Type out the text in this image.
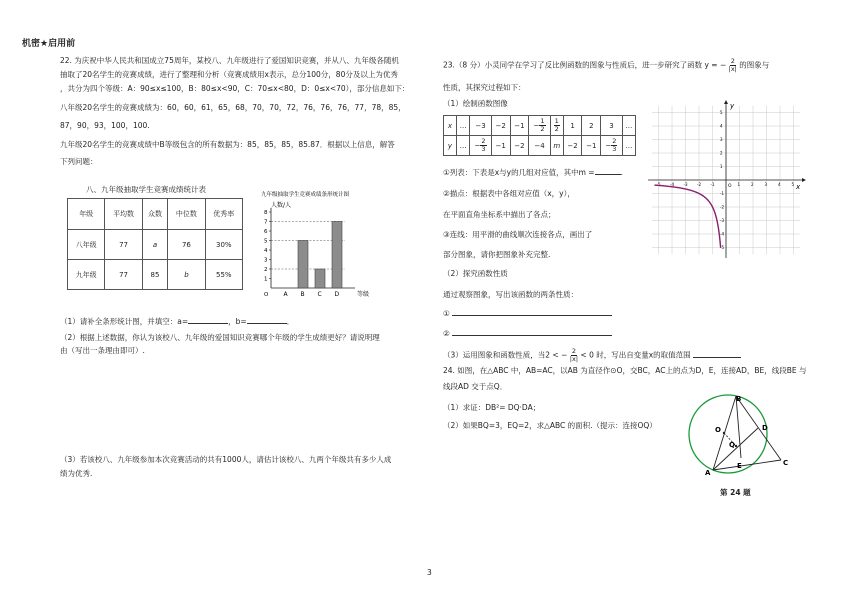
机密★启用前
22. 为庆祝中华人民共和国成立75周年，某校八、九年级进行了爱国知识竞赛，并从八、九年级各随机
抽取了20名学生的竞赛成绩，进行了整理和分析（竞赛成绩用x表示，总分100分，80分及以上为优秀
，共分为四个等级：A：90≤x≤100，B：80≤x<90，C：70≤x<80，D：0≤x<70），部分信息如下：
八年级20名学生的竞赛成绩为：60，60，61，65，68，70，70，72，76，76，76，77，78，85，
87，90，93，100，100.
九年级20名学生的竞赛成绩中B等级包含的所有数据为：85，85，85，85.87．根据以上信息，解答
下列问题：
八、九年级抽取学生竞赛成绩统计表
年级	平均数	众数	中位数	优秀率
八年级	77	a	76	30%
九年级	77	85	b	55%
九年级抽取学生竞赛成绩条形统计图
人数/人
1
2
3
4
5
6
7
8
A B C D	等级
O
（1）请补全条形统计图，并填空：a=	，b=	．
（2）根据上述数据，你认为该校八、九年级的爱国知识竞赛哪个年级的学生成绩更好？请说明理
由（写出一条理由即可）.
（3）若该校八、九年级参加本次竞赛活动的共有1000人，请估计该校八、九两个年级共有多少人成
绩为优秀.
23.（8 分）小灵同学在学习了反比例函数的图象与性质后，进一步研究了函数 y = − $\frac{2}{|x|}$ 的图象与
性质，其探究过程如下：
（1）绘制函数图像
x	…	−3	−2	−1	− $\frac{1}{2}$	$\frac{1}{2}$	1	2	3	…
y	…	− $\frac{2}{3}$	−1	−2	−4	m	−2	−1	− $\frac{2}{3}$	…
①列表：下表是x与y的几组对应值，其中m =	.
②描点：根据表中各组对应值（x，y），
在平面直角坐标系中描出了各点；
③连线：用平滑的曲线顺次连接各点，画出了
部分图象，请你把图象补充完整.
（2）探究函数性质
通过观察图象，写出该函数的两条性质：
①
②
（3）运用图象和函数性质，当2 < − $\frac{2}{|x|} < 0$ 时，写出自变量x的取值范围
x
y
O
-5 -4 -3 -2 -1	1	2	3	4	5
5
4
3
2
1
-1
-2
-3
-4
-5
24. 如图，在△ABC 中，AB=AC，以AB 为直径作⊙O，交BC，AC上的点为D，E，连接AD，BE，线段BE 与
线段AD 交于点Q．
（1）求证：DB²= DQ·DA；
（2）如果BQ=3，EQ=2，求△ABC 的面积.（提示：连接OQ）
B
D
O
Q
A
E	C
第 24 题
3
